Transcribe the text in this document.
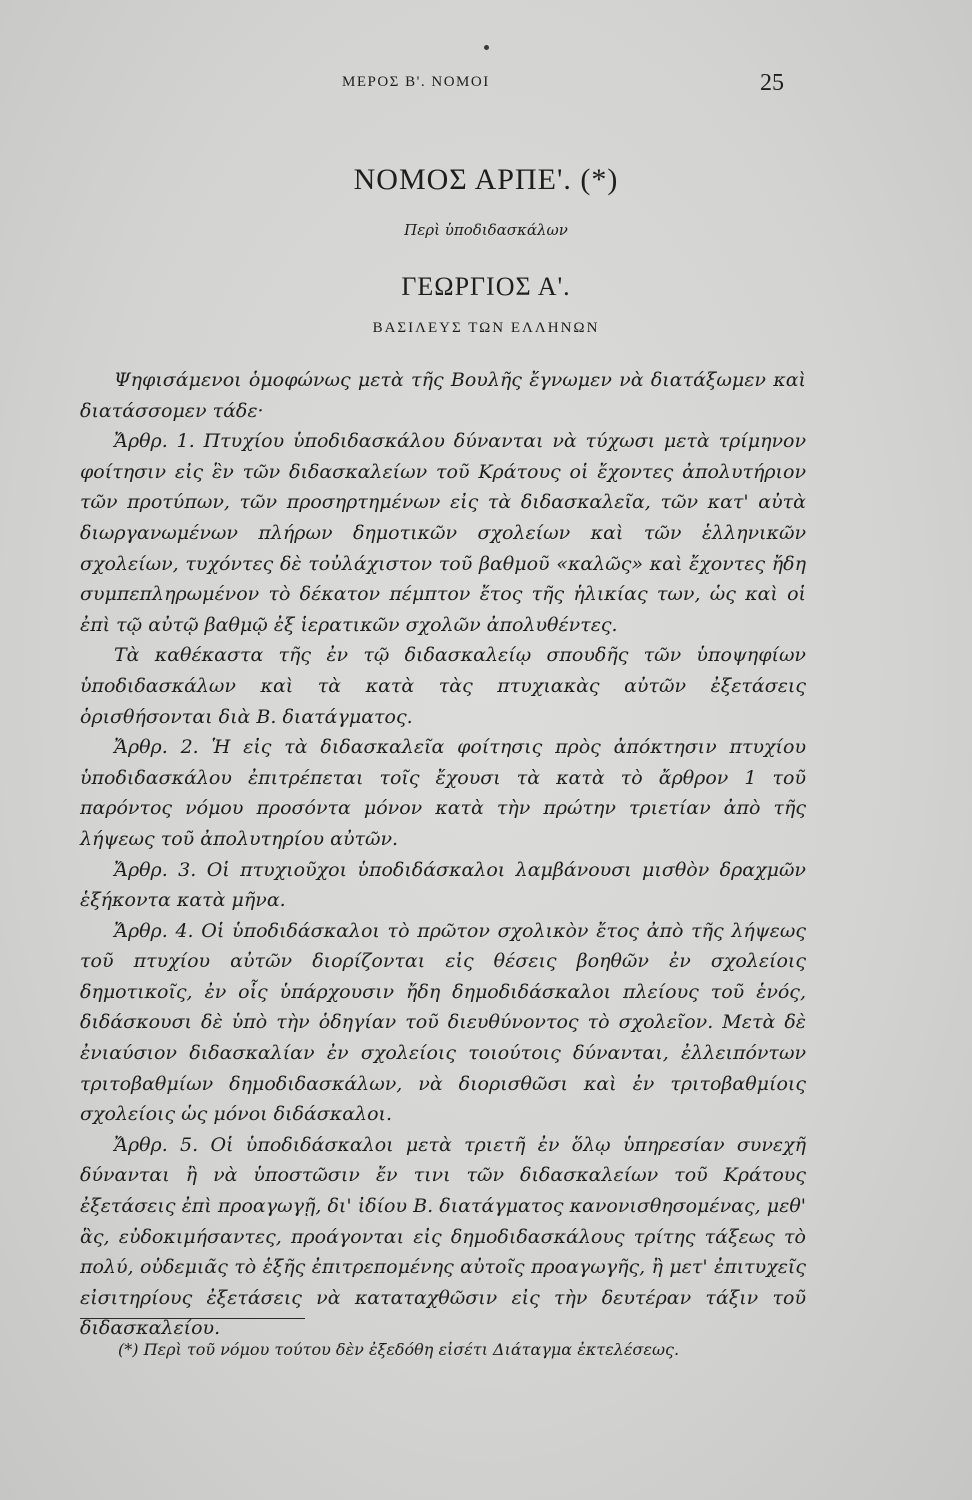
ΜΕΡΟΣ Β'. ΝΟΜΟΙ	25
ΝΟΜΟΣ ΑΡΠΕ'. (*)
Περὶ ὑποδιδασκάλων
ΓΕΩΡΓΙΟΣ Α'.
ΒΑΣΙΛΕΥΣ ΤΩΝ ΕΛΛΗΝΩΝ

Ψηφισάμενοι ὁμοφώνως μετὰ τῆς Βουλῆς ἔγνωμεν νὰ διατάξωμεν καὶ διατάσσομεν τάδε·

Ἄρθρ. 1. Πτυχίου ὑποδιδασκάλου δύνανται νὰ τύχωσι μετὰ τρίμηνον φοίτησιν εἰς ἓν τῶν διδασκαλείων τοῦ Κράτους οἱ ἔχοντες ἀπολυτήριον τῶν προτύπων, τῶν προσηρτημένων εἰς τὰ διδασκαλεῖα, τῶν κατ' αὐτὰ διωργανωμένων πλήρων δημοτικῶν σχολείων καὶ τῶν ἑλληνικῶν σχολείων, τυχόντες δὲ τοὐλάχιστον τοῦ βαθμοῦ «καλῶς» καὶ ἔχοντες ἤδη συμπεπληρωμένον τὸ δέκατον πέμπτον ἔτος τῆς ἡλικίας των, ὡς καὶ οἱ ἐπὶ τῷ αὐτῷ βαθμῷ ἐξ ἱερατικῶν σχολῶν ἀπολυθέντες.

Τὰ καθέκαστα τῆς ἐν τῷ διδασκαλείῳ σπουδῆς τῶν ὑποψηφίων ὑποδιδασκάλων καὶ τὰ κατὰ τὰς πτυχιακὰς αὐτῶν ἐξετάσεις ὁρισθήσονται διὰ Β. διατάγματος.

Ἄρθρ. 2. Ἡ εἰς τὰ διδασκαλεῖα φοίτησις πρὸς ἀπόκτησιν πτυχίου ὑποδιδασκάλου ἐπιτρέπεται τοῖς ἔχουσι τὰ κατὰ τὸ ἄρθρον 1 τοῦ παρόντος νόμου προσόντα μόνον κατὰ τὴν πρώτην τριετίαν ἀπὸ τῆς λήψεως τοῦ ἀπολυτηρίου αὐτῶν.

Ἄρθρ. 3. Οἱ πτυχιοῦχοι ὑποδιδάσκαλοι λαμβάνουσι μισθὸν δραχμῶν ἑξήκοντα κατὰ μῆνα.

Ἄρθρ. 4. Οἱ ὑποδιδάσκαλοι τὸ πρῶτον σχολικὸν ἔτος ἀπὸ τῆς λήψεως τοῦ πτυχίου αὐτῶν διορίζονται εἰς θέσεις βοηθῶν ἐν σχολείοις δημοτικοῖς, ἐν οἷς ὑπάρχουσιν ἤδη δημοδιδάσκαλοι πλείους τοῦ ἑνός, διδάσκουσι δὲ ὑπὸ τὴν ὁδηγίαν τοῦ διευθύνοντος τὸ σχολεῖον. Μετὰ δὲ ἐνιαύσιον διδασκαλίαν ἐν σχολείοις τοιούτοις δύνανται, ἐλλειπόντων τριτοβαθμίων δημοδιδασκάλων, νὰ διορισθῶσι καὶ ἐν τριτοβαθμίοις σχολείοις ὡς μόνοι διδάσκαλοι.

Ἄρθρ. 5. Οἱ ὑποδιδάσκαλοι μετὰ τριετῆ ἐν ὅλῳ ὑπηρεσίαν συνεχῆ δύνανται ἢ νὰ ὑποστῶσιν ἔν τινι τῶν διδασκαλείων τοῦ Κράτους ἐξετάσεις ἐπὶ προαγωγῇ, δι' ἰδίου Β. διατάγματος κανονισθησομένας, μεθ' ἃς, εὐδοκιμήσαντες, προάγονται εἰς δημοδιδασκάλους τρίτης τάξεως τὸ πολύ, οὐδεμιᾶς τὸ ἑξῆς ἐπιτρεπομένης αὐτοῖς προαγωγῆς, ἢ μετ' ἐπιτυχεῖς εἰσιτηρίους ἐξετάσεις νὰ καταταχθῶσιν εἰς τὴν δευτέραν τάξιν τοῦ διδασκαλείου.

(*) Περὶ τοῦ νόμου τούτου δὲν ἐξεδόθη εἰσέτι Διάταγμα ἐκτελέσεως.
